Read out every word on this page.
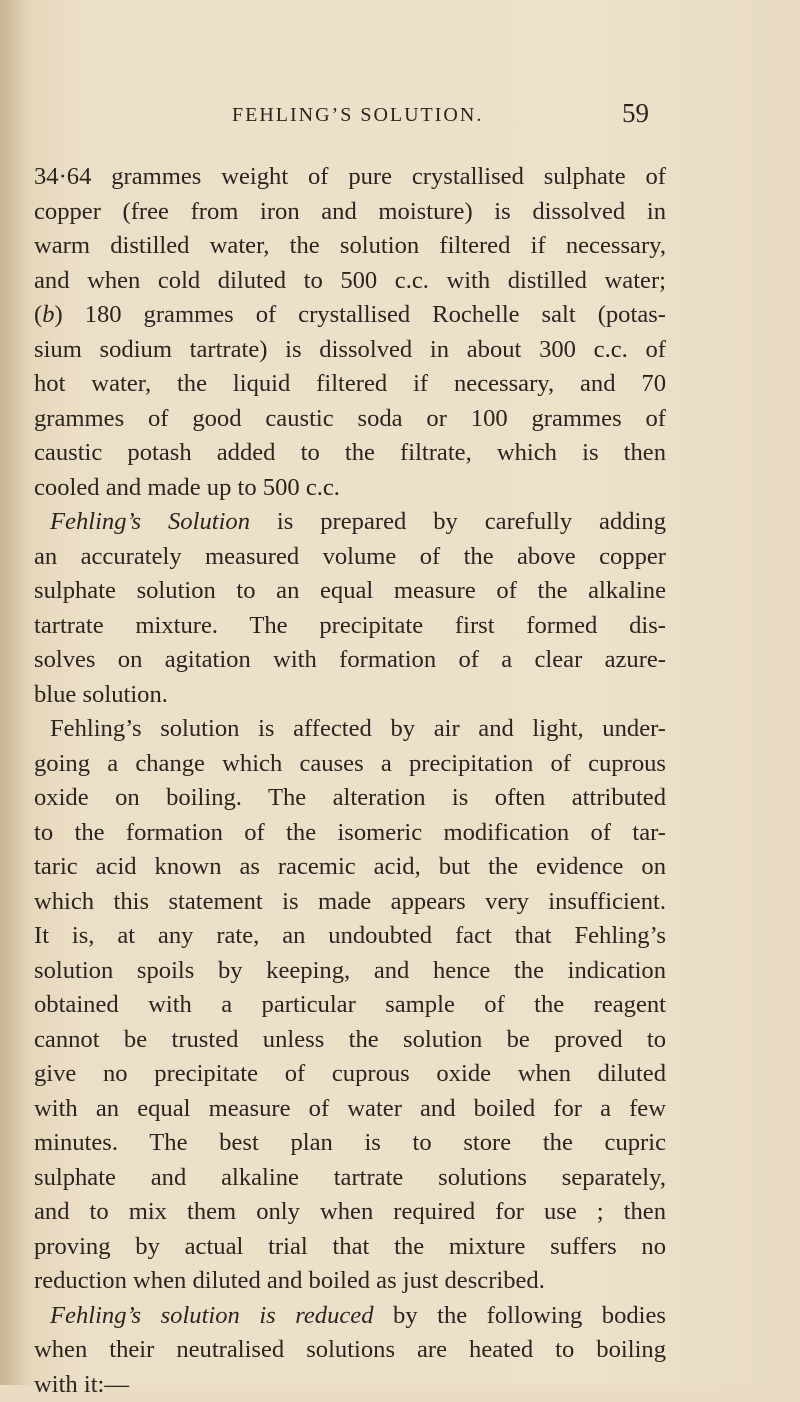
FEHLING’S SOLUTION.	59
34·64 grammes weight of pure crystallised sulphate of
copper (free from iron and moisture) is dissolved in
warm distilled water, the solution filtered if necessary,
and when cold diluted to 500 c.c. with distilled water;
(b) 180 grammes of crystallised Rochelle salt (potas-
sium sodium tartrate) is dissolved in about 300 c.c. of
hot water, the liquid filtered if necessary, and 70
grammes of good caustic soda or 100 grammes of
caustic potash added to the filtrate, which is then
cooled and made up to 500 c.c.
Fehling’s Solution is prepared by carefully adding
an accurately measured volume of the above copper
sulphate solution to an equal measure of the alkaline
tartrate mixture. The precipitate first formed dis-
solves on agitation with formation of a clear azure-
blue solution.
Fehling’s solution is affected by air and light, under-
going a change which causes a precipitation of cuprous
oxide on boiling. The alteration is often attributed
to the formation of the isomeric modification of tar-
taric acid known as racemic acid, but the evidence on
which this statement is made appears very insufficient.
It is, at any rate, an undoubted fact that Fehling’s
solution spoils by keeping, and hence the indication
obtained with a particular sample of the reagent
cannot be trusted unless the solution be proved to
give no precipitate of cuprous oxide when diluted
with an equal measure of water and boiled for a few
minutes. The best plan is to store the cupric
sulphate and alkaline tartrate solutions separately,
and to mix them only when required for use ; then
proving by actual trial that the mixture suffers no
reduction when diluted and boiled as just described.
Fehling’s solution is reduced by the following bodies
when their neutralised solutions are heated to boiling
with it:—
